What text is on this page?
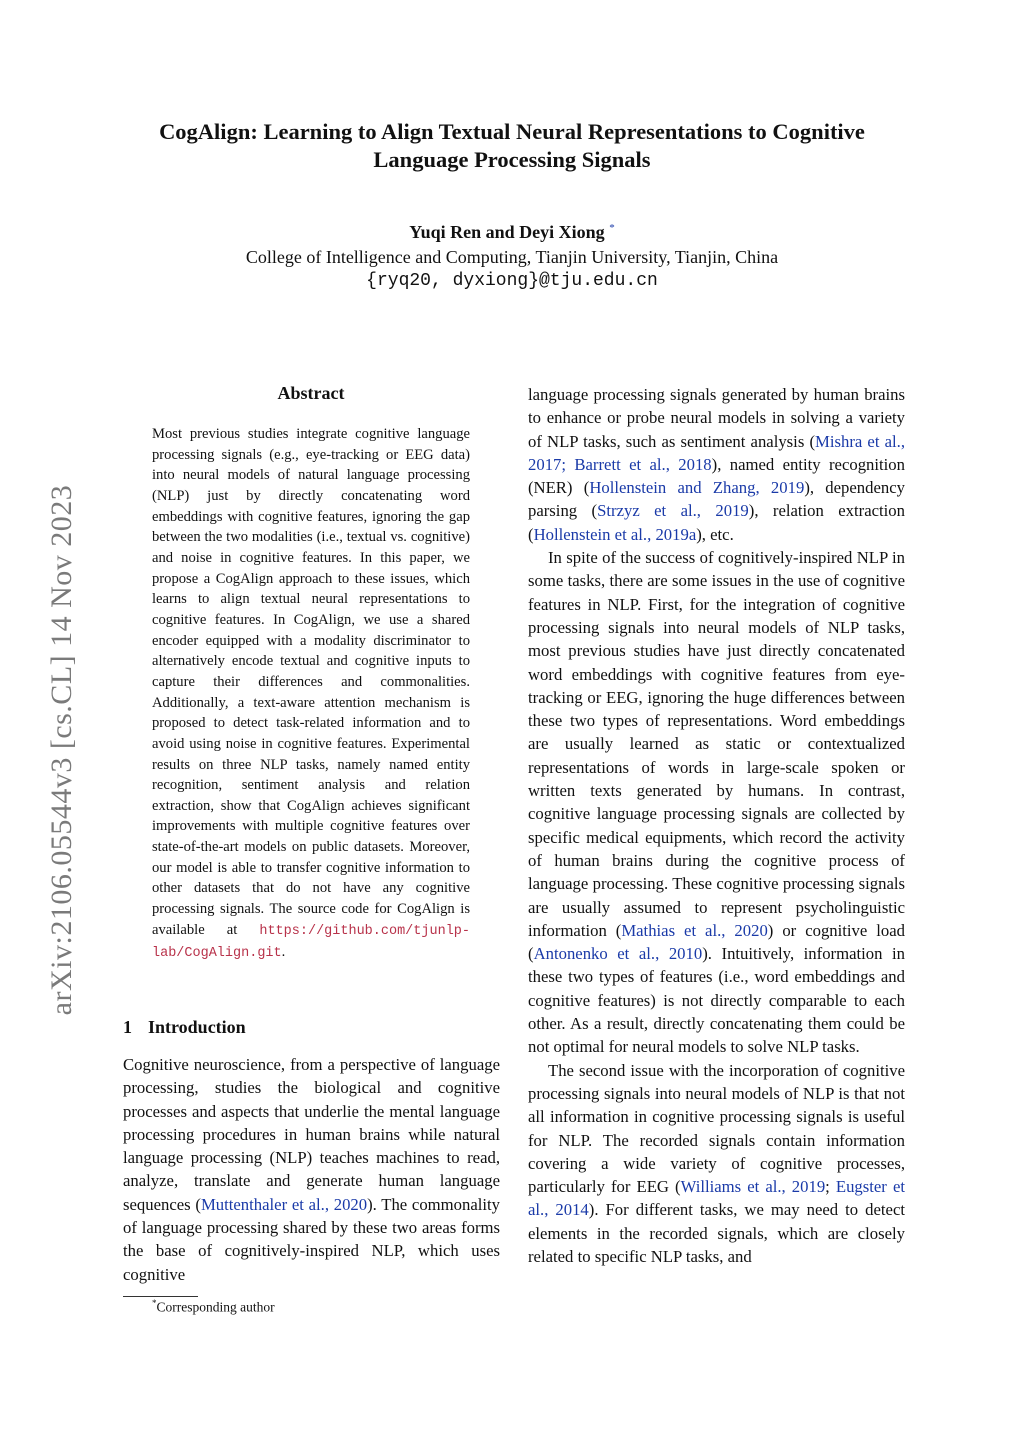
CogAlign: Learning to Align Textual Neural Representations to Cognitive
Language Processing Signals
Yuqi Ren and Deyi Xiong *
College of Intelligence and Computing, Tianjin University, Tianjin, China
{ryq20, dyxiong}@tju.edu.cn
arXiv:2106.05544v3 [cs.CL] 14 Nov 2023
Abstract
Most previous studies integrate cognitive language processing signals (e.g., eye-tracking or EEG data) into neural models of natural language processing (NLP) just by directly concatenating word embeddings with cognitive features, ignoring the gap between the two modalities (i.e., textual vs. cognitive) and noise in cognitive features. In this paper, we propose a CogAlign approach to these issues, which learns to align textual neural representations to cognitive features. In CogAlign, we use a shared encoder equipped with a modality discriminator to alternatively encode textual and cognitive inputs to capture their differences and commonalities. Additionally, a text-aware attention mechanism is proposed to detect task-related information and to avoid using noise in cognitive features. Experimental results on three NLP tasks, namely named entity recognition, sentiment analysis and relation extraction, show that CogAlign achieves significant improvements with multiple cognitive features over state-of-the-art models on public datasets. Moreover, our model is able to transfer cognitive information to other datasets that do not have any cognitive processing signals. The source code for CogAlign is available at https://github.com/tjunlp-lab/CogAlign.git.
1 Introduction
Cognitive neuroscience, from a perspective of language processing, studies the biological and cognitive processes and aspects that underlie the mental language processing procedures in human brains while natural language processing (NLP) teaches machines to read, analyze, translate and generate human language sequences (Muttenthaler et al., 2020). The commonality of language processing shared by these two areas forms the base of cognitively-inspired NLP, which uses cognitive

language processing signals generated by human brains to enhance or probe neural models in solving a variety of NLP tasks, such as sentiment analysis (Mishra et al., 2017; Barrett et al., 2018), named entity recognition (NER) (Hollenstein and Zhang, 2019), dependency parsing (Strzyz et al., 2019), relation extraction (Hollenstein et al., 2019a), etc.

In spite of the success of cognitively-inspired NLP in some tasks, there are some issues in the use of cognitive features in NLP. First, for the integration of cognitive processing signals into neural models of NLP tasks, most previous studies have just directly concatenated word embeddings with cognitive features from eye-tracking or EEG, ignoring the huge differences between these two types of representations. Word embeddings are usually learned as static or contextualized representations of words in large-scale spoken or written texts generated by humans. In contrast, cognitive language processing signals are collected by specific medical equipments, which record the activity of human brains during the cognitive process of language processing. These cognitive processing signals are usually assumed to represent psycholinguistic information (Mathias et al., 2020) or cognitive load (Antonenko et al., 2010). Intuitively, information in these two types of features (i.e., word embeddings and cognitive features) is not directly comparable to each other. As a result, directly concatenating them could be not optimal for neural models to solve NLP tasks.

The second issue with the incorporation of cognitive processing signals into neural models of NLP is that not all information in cognitive processing signals is useful for NLP. The recorded signals contain information covering a wide variety of cognitive processes, particularly for EEG (Williams et al., 2019; Eugster et al., 2014). For different tasks, we may need to detect elements in the recorded signals, which are closely related to specific NLP tasks, and

*Corresponding author
